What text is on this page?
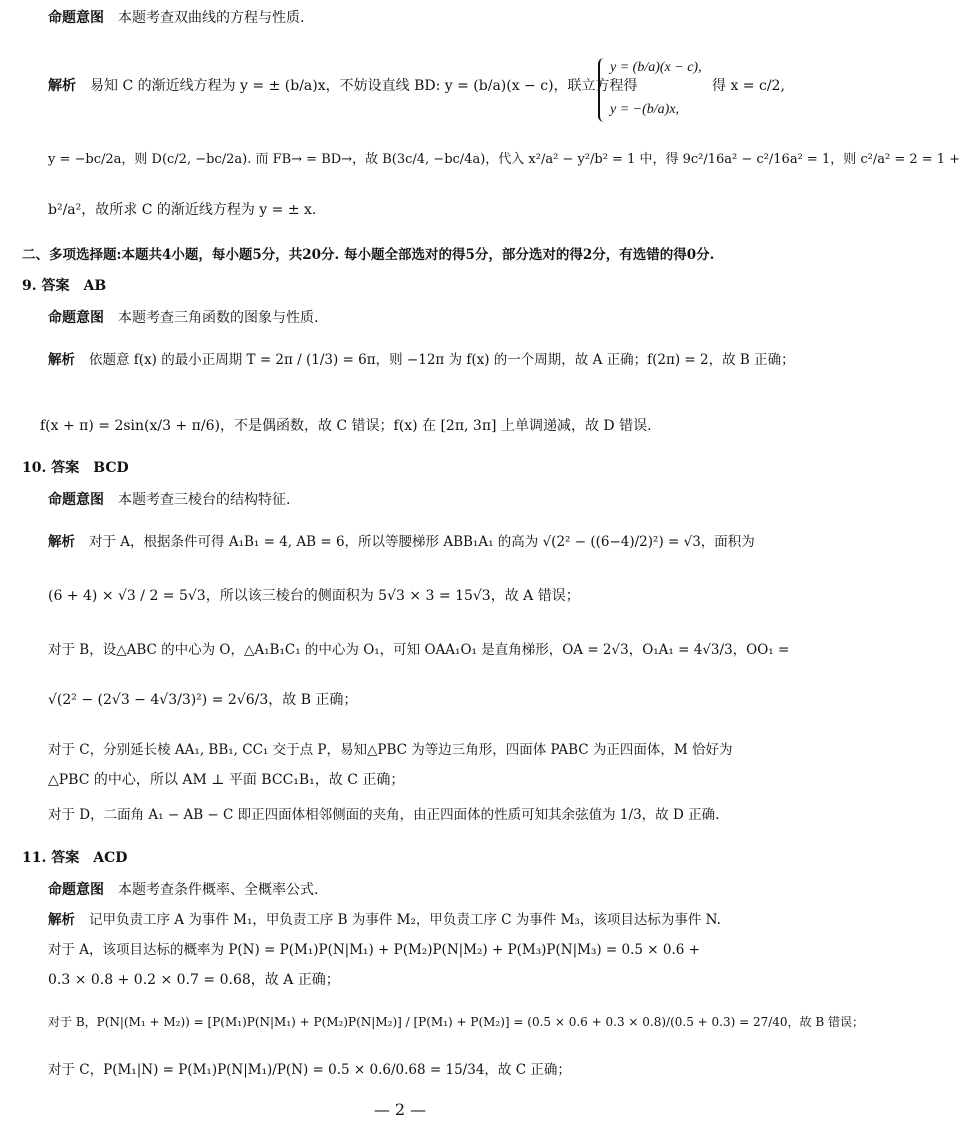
命题意图 本题考查双曲线的方程与性质.
解析 易知 C 的渐近线方程为 y = ± (b/a)x，不妨设直线 BD: y = (b/a)(x − c)，联立方程得
y = (b/a)(x − c),
y = −(b/a)x,
得 x = c/2,
y = −bc/2a，则 D(c/2, −bc/2a). 而 FB→ = BD→，故 B(3c/4, −bc/4a)，代入 x²/a² − y²/b² = 1 中，得 9c²/16a² − c²/16a² = 1，则 c²/a² = 2 = 1 +
b²/a²，故所求 C 的渐近线方程为 y = ± x.
二、多项选择题:本题共4小题，每小题5分，共20分. 每小题全部选对的得5分，部分选对的得2分，有选错的得0分.
9. 答案　AB
命题意图 本题考查三角函数的图象与性质.
解析 依题意 f(x) 的最小正周期 T = 2π / (1/3) = 6π，则 −12π 为 f(x) 的一个周期，故 A 正确；f(2π) = 2，故 B 正确；
f(x + π) = 2sin(x/3 + π/6)，不是偶函数，故 C 错误；f(x) 在 [2π, 3π] 上单调递减，故 D 错误.
10. 答案　BCD
命题意图 本题考查三棱台的结构特征.
解析 对于 A，根据条件可得 A₁B₁ = 4, AB = 6，所以等腰梯形 ABB₁A₁ 的高为 √(2² − ((6−4)/2)²) = √3，面积为
(6 + 4) × √3 / 2 = 5√3，所以该三棱台的侧面积为 5√3 × 3 = 15√3，故 A 错误；
对于 B，设△ABC 的中心为 O，△A₁B₁C₁ 的中心为 O₁，可知 OAA₁O₁ 是直角梯形，OA = 2√3，O₁A₁ = 4√3/3，OO₁ =
√(2² − (2√3 − 4√3/3)²) = 2√6/3，故 B 正确；
对于 C，分别延长棱 AA₁, BB₁, CC₁ 交于点 P，易知△PBC 为等边三角形，四面体 PABC 为正四面体，M 恰好为
△PBC 的中心，所以 AM ⊥ 平面 BCC₁B₁，故 C 正确；
对于 D，二面角 A₁ − AB − C 即正四面体相邻侧面的夹角，由正四面体的性质可知其余弦值为 1/3，故 D 正确.
11. 答案　ACD
命题意图 本题考查条件概率、全概率公式.
解析 记甲负责工序 A 为事件 M₁，甲负责工序 B 为事件 M₂，甲负责工序 C 为事件 M₃，该项目达标为事件 N.
对于 A，该项目达标的概率为 P(N) = P(M₁)P(N|M₁) + P(M₂)P(N|M₂) + P(M₃)P(N|M₃) = 0.5 × 0.6 +
0.3 × 0.8 + 0.2 × 0.7 = 0.68，故 A 正确；
对于 B，P(N|(M₁ + M₂)) = [P(M₁)P(N|M₁) + P(M₂)P(N|M₂)] / [P(M₁) + P(M₂)] = (0.5 × 0.6 + 0.3 × 0.8)/(0.5 + 0.3) = 27/40，故 B 错误；
对于 C，P(M₁|N) = P(M₁)P(N|M₁)/P(N) = 0.5 × 0.6/0.68 = 15/34，故 C 正确；
— 2 —
